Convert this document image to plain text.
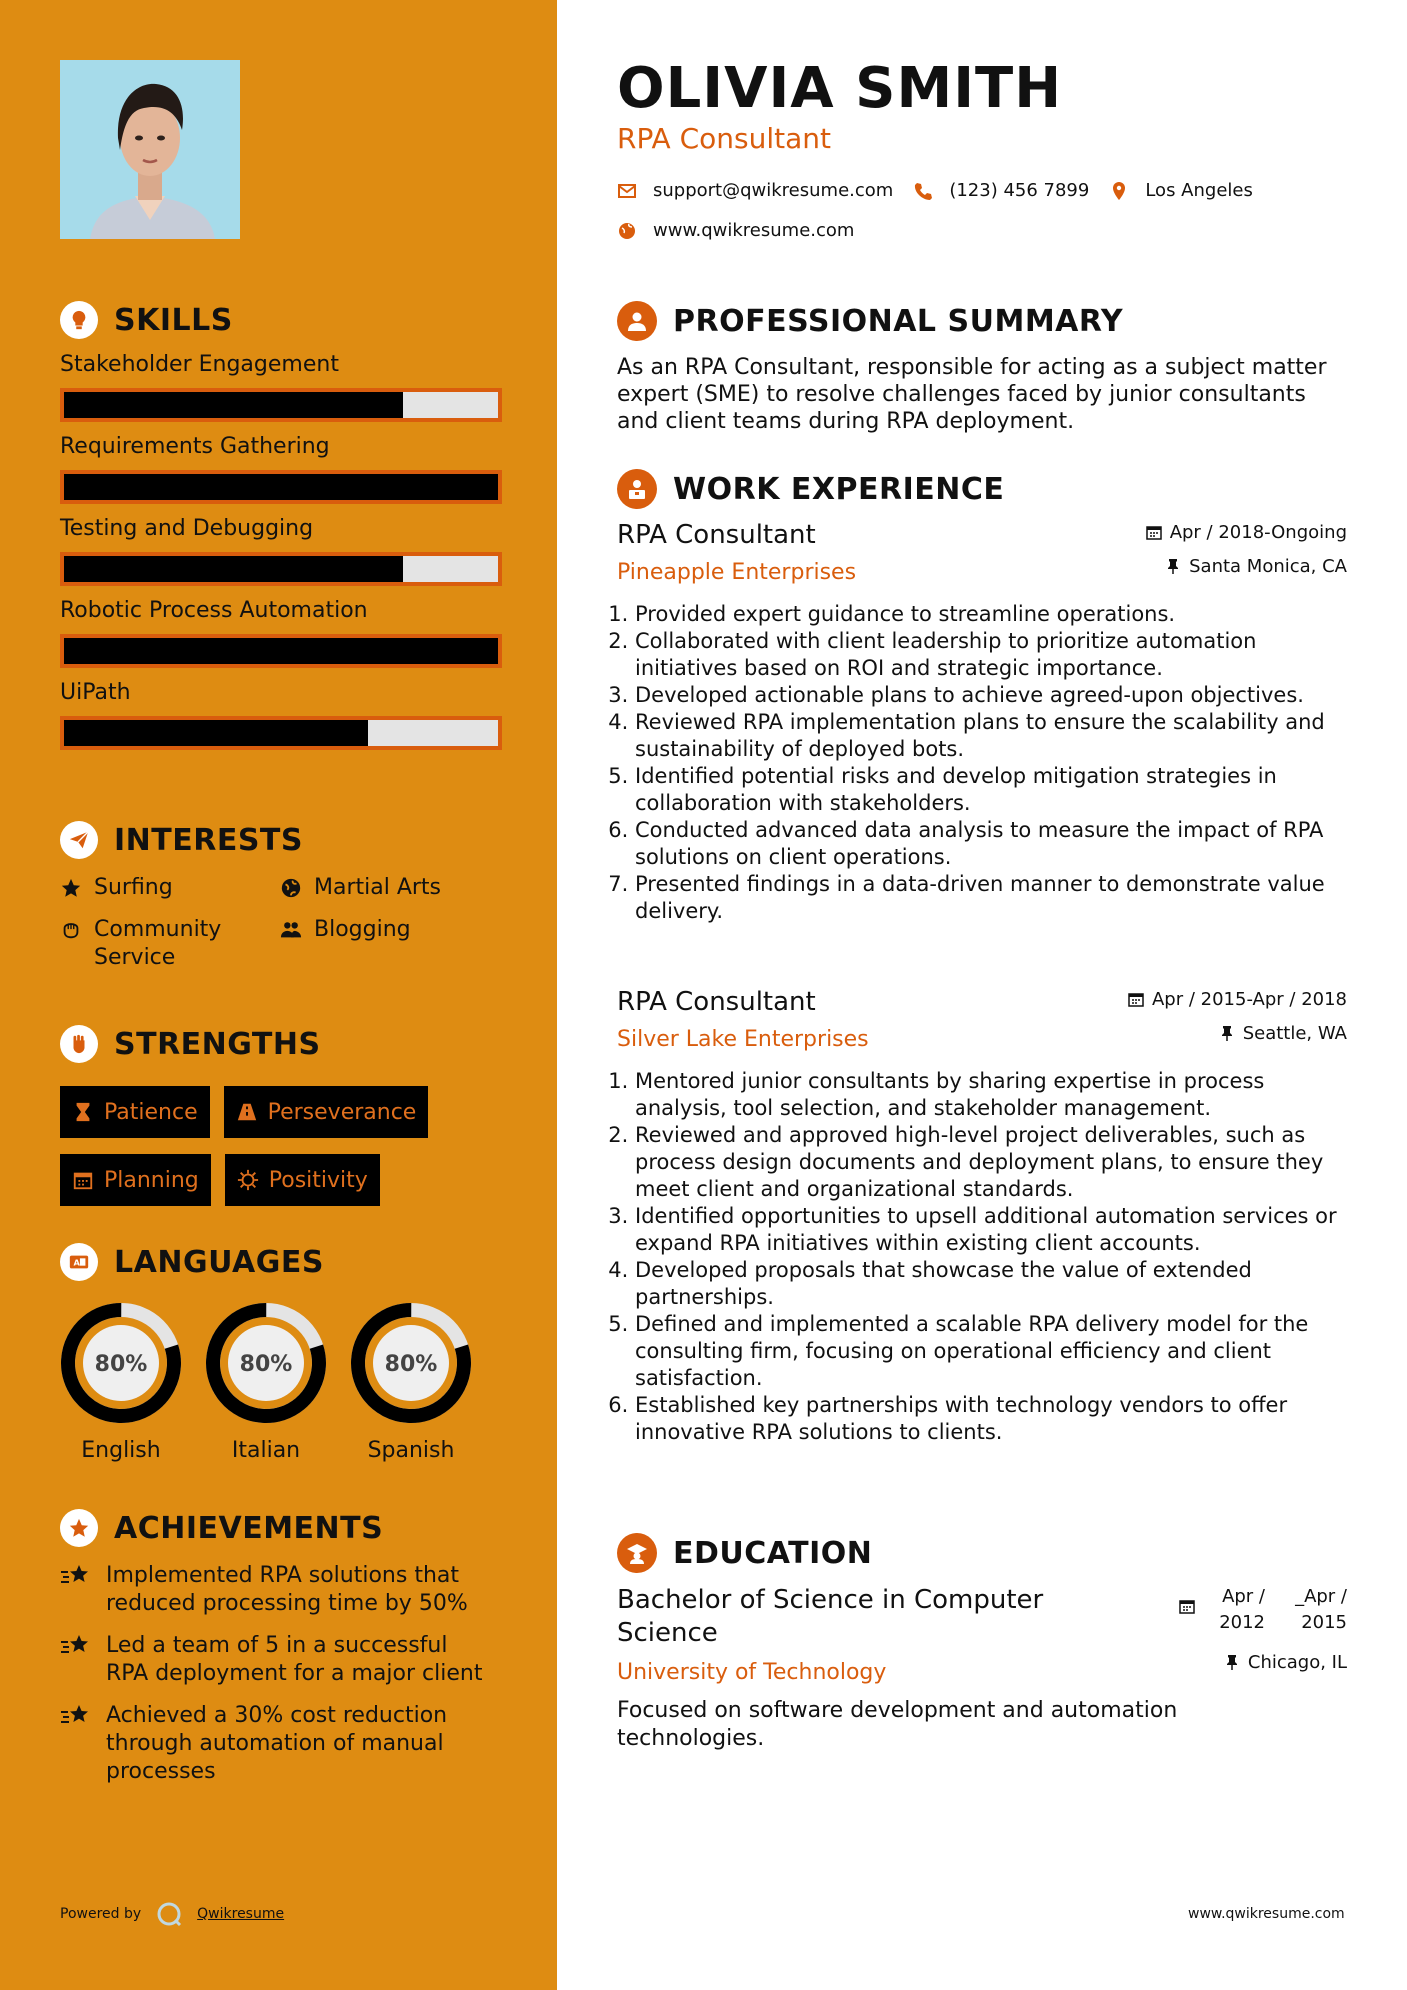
SKILLS
Stakeholder Engagement
Requirements Gathering
Testing and Debugging
Robotic Process Automation
UiPath
INTERESTS
Surfing	Martial Arts
Community Service
Blogging
STRENGTHS
Patience	Perseverance
Planning	Positivity
A LANGUAGES
80%
English
80%
Italian
80%
Spanish
ACHIEVEMENTS
Implemented RPA solutions that reduced processing time by 50%
Led a team of 5 in a successful RPA deployment for a major client
Achieved a 30% cost reduction through automation of manual processes
Powered by	Qwikresume
OLIVIA SMITH
RPA Consultant
support@qwikresume.com	(123) 456 7899	Los Angeles
www.qwikresume.com
PROFESSIONAL SUMMARY
As an RPA Consultant, responsible for acting as a subject matter expert (SME) to resolve challenges faced by junior consultants and client teams during RPA deployment.
WORK EXPERIENCE
RPA Consultant
Pineapple Enterprises
Apr / 2018-Ongoing
Santa Monica, CA
1. Provided expert guidance to streamline operations.
2. Collaborated with client leadership to prioritize automation initiatives based on ROI and strategic importance.
3. Developed actionable plans to achieve agreed-upon objectives.
4. Reviewed RPA implementation plans to ensure the scalability and sustainability of deployed bots.
5. Identified potential risks and develop mitigation strategies in collaboration with stakeholders.
6. Conducted advanced data analysis to measure the impact of RPA solutions on client operations.
7. Presented findings in a data-driven manner to demonstrate value delivery.
RPA Consultant
Silver Lake Enterprises
Apr / 2015-Apr / 2018
Seattle, WA
1. Mentored junior consultants by sharing expertise in process analysis, tool selection, and stakeholder management.
2. Reviewed and approved high-level project deliverables, such as process design documents and deployment plans, to ensure they meet client and organizational standards.
3. Identified opportunities to upsell additional automation services or expand RPA initiatives within existing client accounts.
4. Developed proposals that showcase the value of extended partnerships.
5. Defined and implemented a scalable RPA delivery model for the consulting firm, focusing on operational efficiency and client satisfaction.
6. Established key partnerships with technology vendors to offer innovative RPA solutions to clients.
EDUCATION
Bachelor of Science in Computer Science
University of Technology
Apr / 2012
_Apr / 2015
Chicago, IL
Focused on software development and automation technologies.
www.qwikresume.com
